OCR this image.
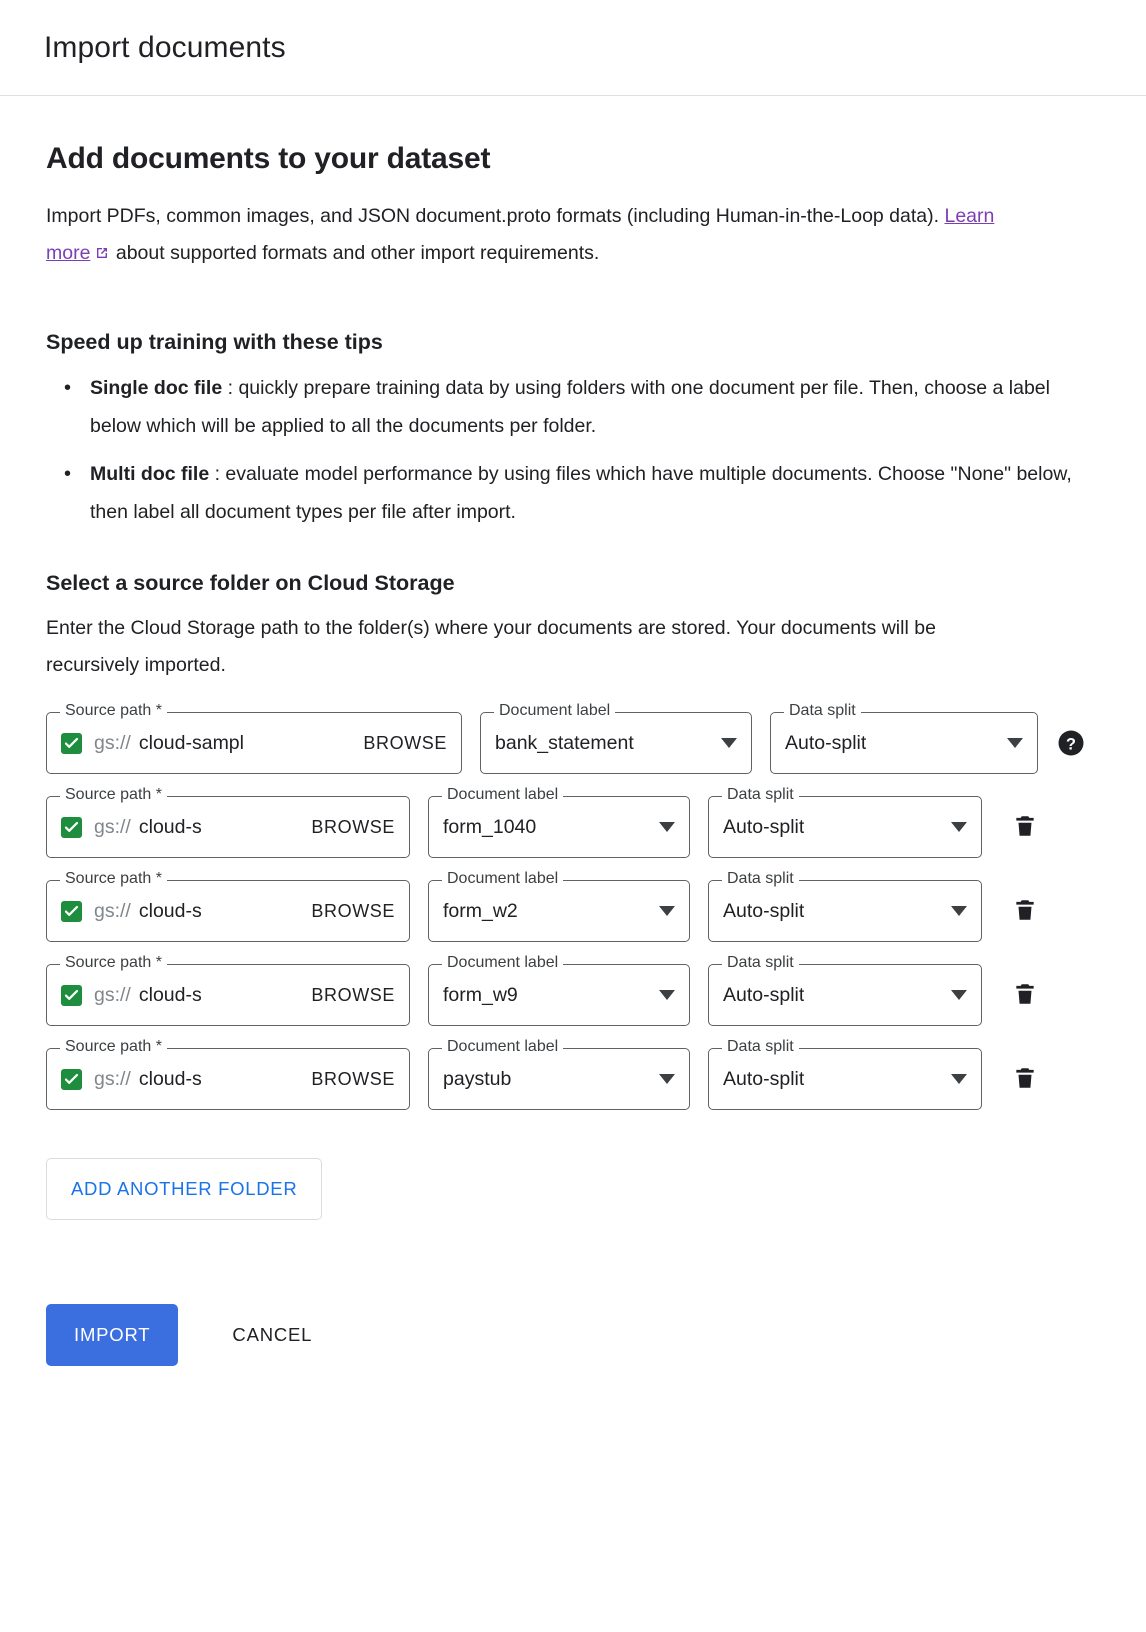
Import documents
Add documents to your dataset

Import PDFs, common images, and JSON document.proto formats (including Human-in-the-Loop data). Learn more about supported formats and other import requirements.

Speed up training with these tips
• Single doc file : quickly prepare training data by using folders with one document per file. Then, choose a label below which will be applied to all the documents per folder.
• Multi doc file : evaluate model performance by using files which have multiple documents. Choose "None" below, then label all document types per file after import.
Select a source folder on Cloud Storage

Enter the Cloud Storage path to the folder(s) where your documents are stored. Your documents will be recursively imported.

Source path *
gs:// cloud-sampl	BROWSE
Document label
bank_statement
Data split
Auto-split	?
Source path *
gs:// cloud-s	BROWSE
Document label
form_1040
Data split
Auto-split
Source path *
gs:// cloud-s	BROWSE
Document label
form_w2
Data split
Auto-split
Source path *
gs:// cloud-s	BROWSE
Document label
form_w9
Data split
Auto-split
Source path *
gs:// cloud-s	BROWSE
Document label
paystub
Data split
Auto-split
ADD ANOTHER FOLDER
IMPORT	CANCEL
